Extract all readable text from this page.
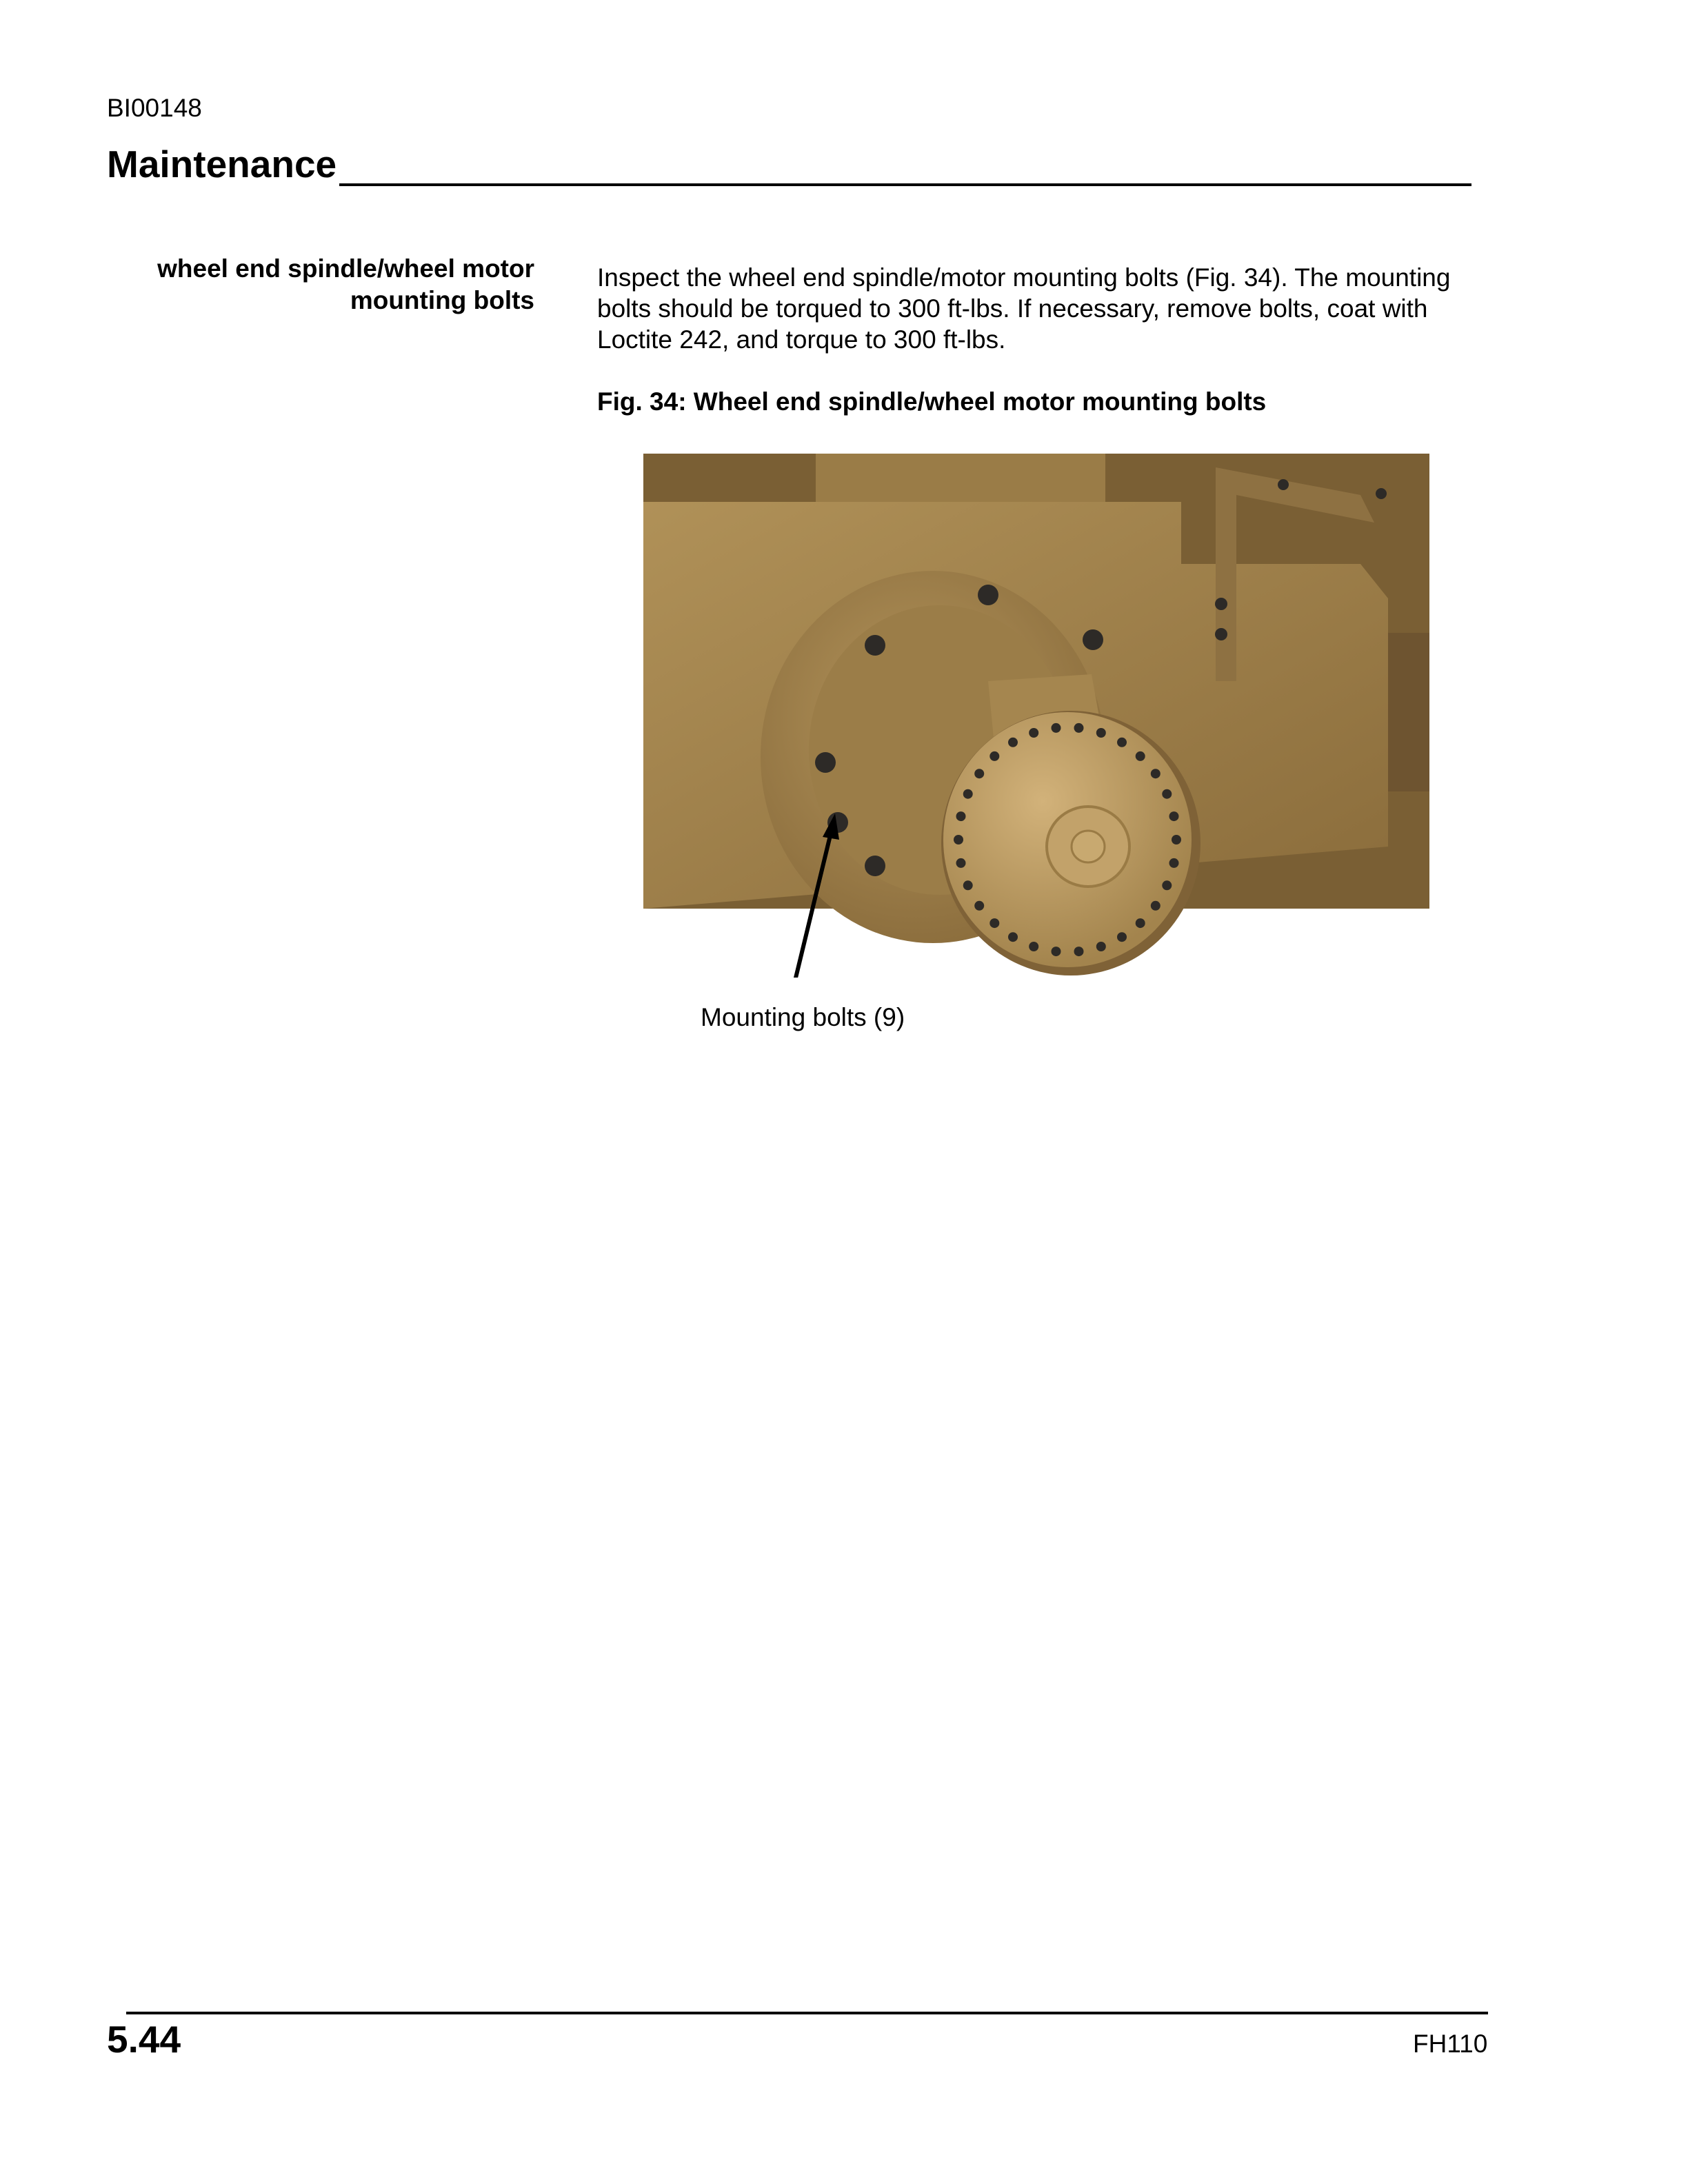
BI00148
Maintenance
wheel end spindle/wheel motor mounting bolts
Inspect the wheel end spindle/motor mounting bolts (Fig. 34). The mounting bolts should be torqued to 300 ft-lbs. If necessary, remove bolts, coat with Loctite 242, and torque to 300 ft-lbs.
Fig. 34: Wheel end spindle/wheel motor mounting bolts
Mounting bolts (9)
5.44	FH110
